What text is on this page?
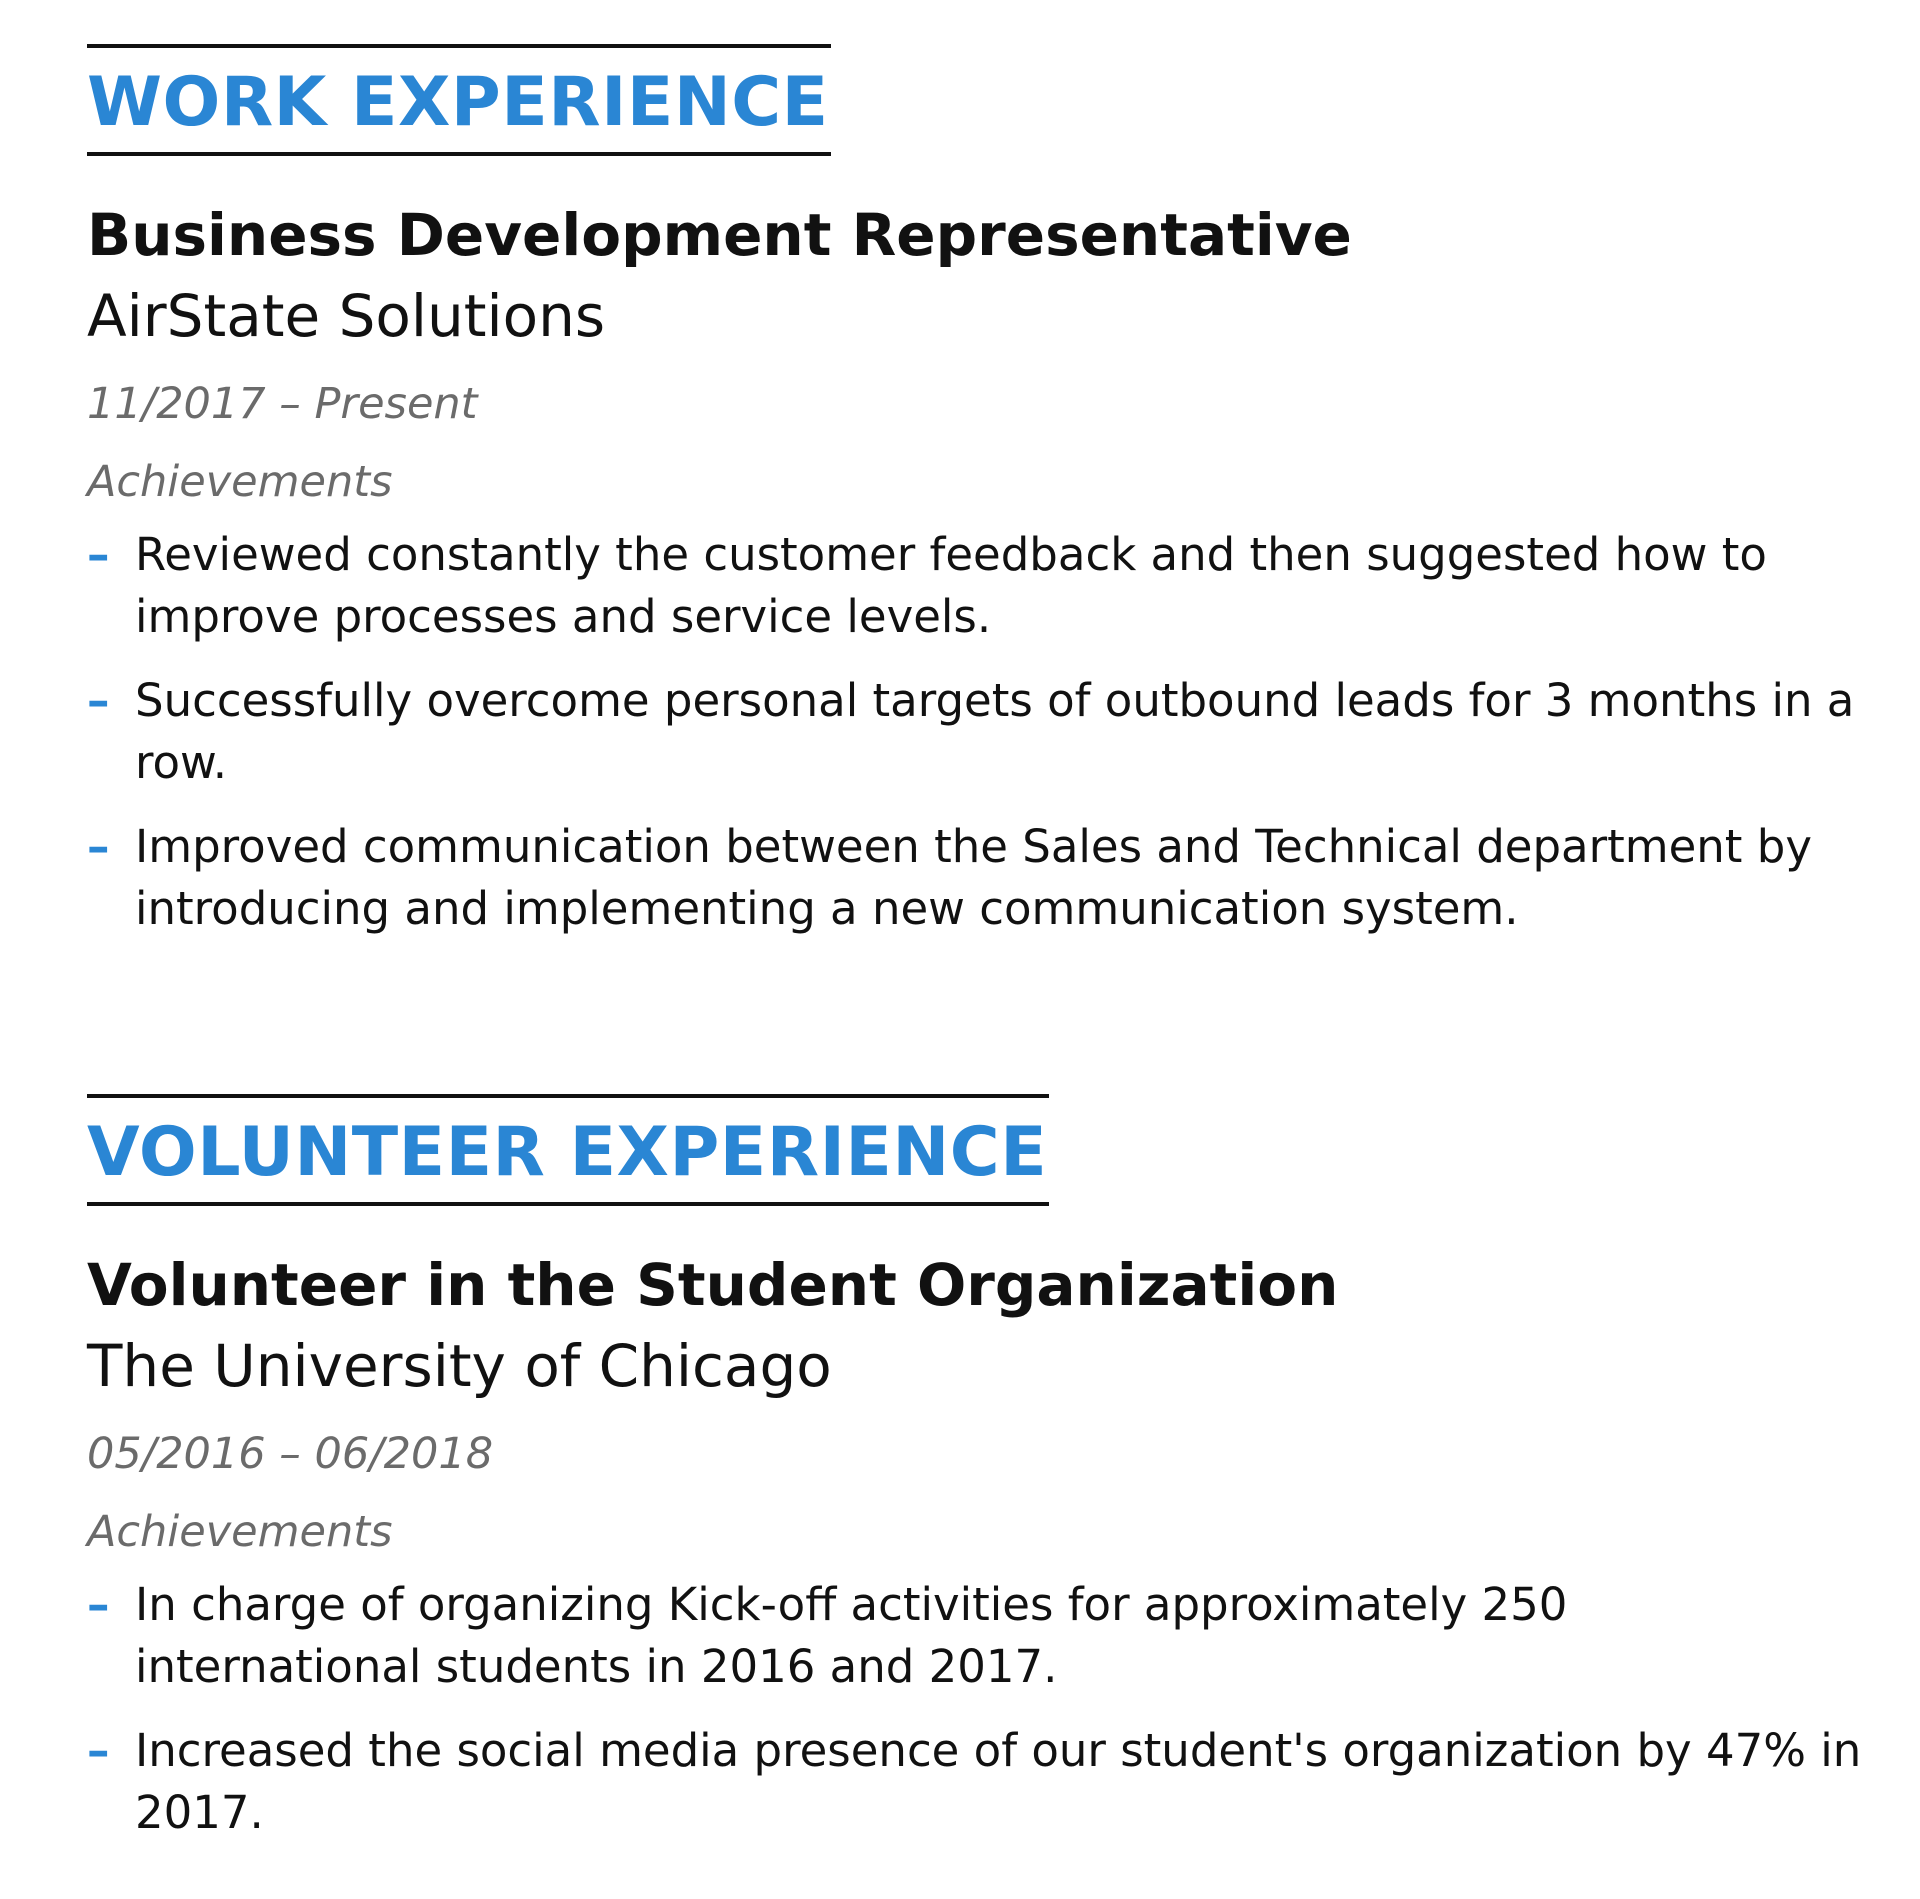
WORK EXPERIENCE
Business Development Representative
AirState Solutions
11/2017 – Present
Achievements
– Reviewed constantly the customer feedback and then suggested how to improve processes and service levels.
– Successfully overcome personal targets of outbound leads for 3 months in a row.
– Improved communication between the Sales and Technical department by introducing and implementing a new communication system.
VOLUNTEER EXPERIENCE
Volunteer in the Student Organization
The University of Chicago
05/2016 – 06/2018
Achievements
– In charge of organizing Kick-off activities for approximately 250 international students in 2016 and 2017.
– Increased the social media presence of our student's organization by 47% in 2017.
